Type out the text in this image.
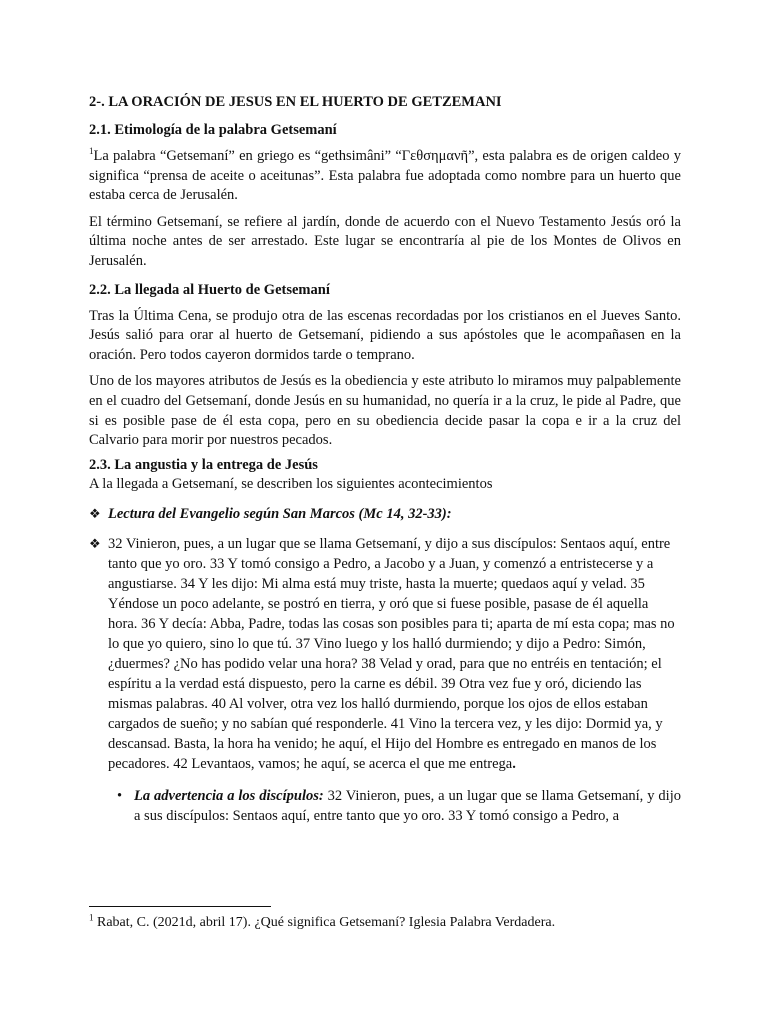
2-. LA ORACIÓN DE JESUS EN EL HUERTO DE GETZEMANI
2.1. Etimología de la palabra Getsemaní

$^1$La palabra “Getsemaní” en griego es “gethsimâni” “Γεθσημανῆ”, esta palabra es de origen caldeo y significa “prensa de aceite o aceitunas”. Esta palabra fue adoptada como nombre para un huerto que estaba cerca de Jerusalén.

El término Getsemaní, se refiere al jardín, donde de acuerdo con el Nuevo Testamento Jesús oró la última noche antes de ser arrestado. Este lugar se encontraría al pie de los Montes de Olivos en Jerusalén.

2.2. La llegada al Huerto de Getsemaní

Tras la Última Cena, se produjo otra de las escenas recordadas por los cristianos en el Jueves Santo. Jesús salió para orar al huerto de Getsemaní, pidiendo a sus apóstoles que le acompañasen en la oración. Pero todos cayeron dormidos tarde o temprano.

Uno de los mayores atributos de Jesús es la obediencia y este atributo lo miramos muy palpablemente en el cuadro del Getsemaní, donde Jesús en su humanidad, no quería ir a la cruz, le pide al Padre, que si es posible pase de él esta copa, pero en su obediencia decide pasar la copa e ir a la cruz del Calvario para morir por nuestros pecados.

2.3. La angustia y la entrega de Jesús

A la llegada a Getsemaní, se describen los siguientes acontecimientos

❖ Lectura del Evangelio según San Marcos (Mc 14, 32-33):
❖ 32 Vinieron, pues, a un lugar que se llama Getsemaní, y dijo a sus discípulos: Sentaos aquí, entre tanto que yo oro. 33 Y tomó consigo a Pedro, a Jacobo y a Juan, y comenzó a entristecerse y a angustiarse. 34 Y les dijo: Mi alma está muy triste, hasta la muerte; quedaos aquí y velad. 35 Yéndose un poco adelante, se postró en tierra, y oró que si fuese posible, pasase de él aquella hora. 36 Y decía: Abba, Padre, todas las cosas son posibles para ti; aparta de mí esta copa; mas no lo que yo quiero, sino lo que tú. 37 Vino luego y los halló durmiendo; y dijo a Pedro: Simón, ¿duermes? ¿No has podido velar una hora? 38 Velad y orad, para que no entréis en tentación; el espíritu a la verdad está dispuesto, pero la carne es débil. 39 Otra vez fue y oró, diciendo las mismas palabras. 40 Al volver, otra vez los halló durmiendo, porque los ojos de ellos estaban cargados de sueño; y no sabían qué responderle. 41 Vino la tercera vez, y les dijo: Dormid ya, y descansad. Basta, la hora ha venido; he aquí, el Hijo del Hombre es entregado en manos de los pecadores. 42 Levantaos, vamos; he aquí, se acerca el que me entrega.
• La advertencia a los discípulos: 32 Vinieron, pues, a un lugar que se llama Getsemaní, y dijo a sus discípulos: Sentaos aquí, entre tanto que yo oro. 33 Y tomó consigo a Pedro, a

$^1$ Rabat, C. (2021d, abril 17). ¿Qué significa Getsemaní? Iglesia Palabra Verdadera.
